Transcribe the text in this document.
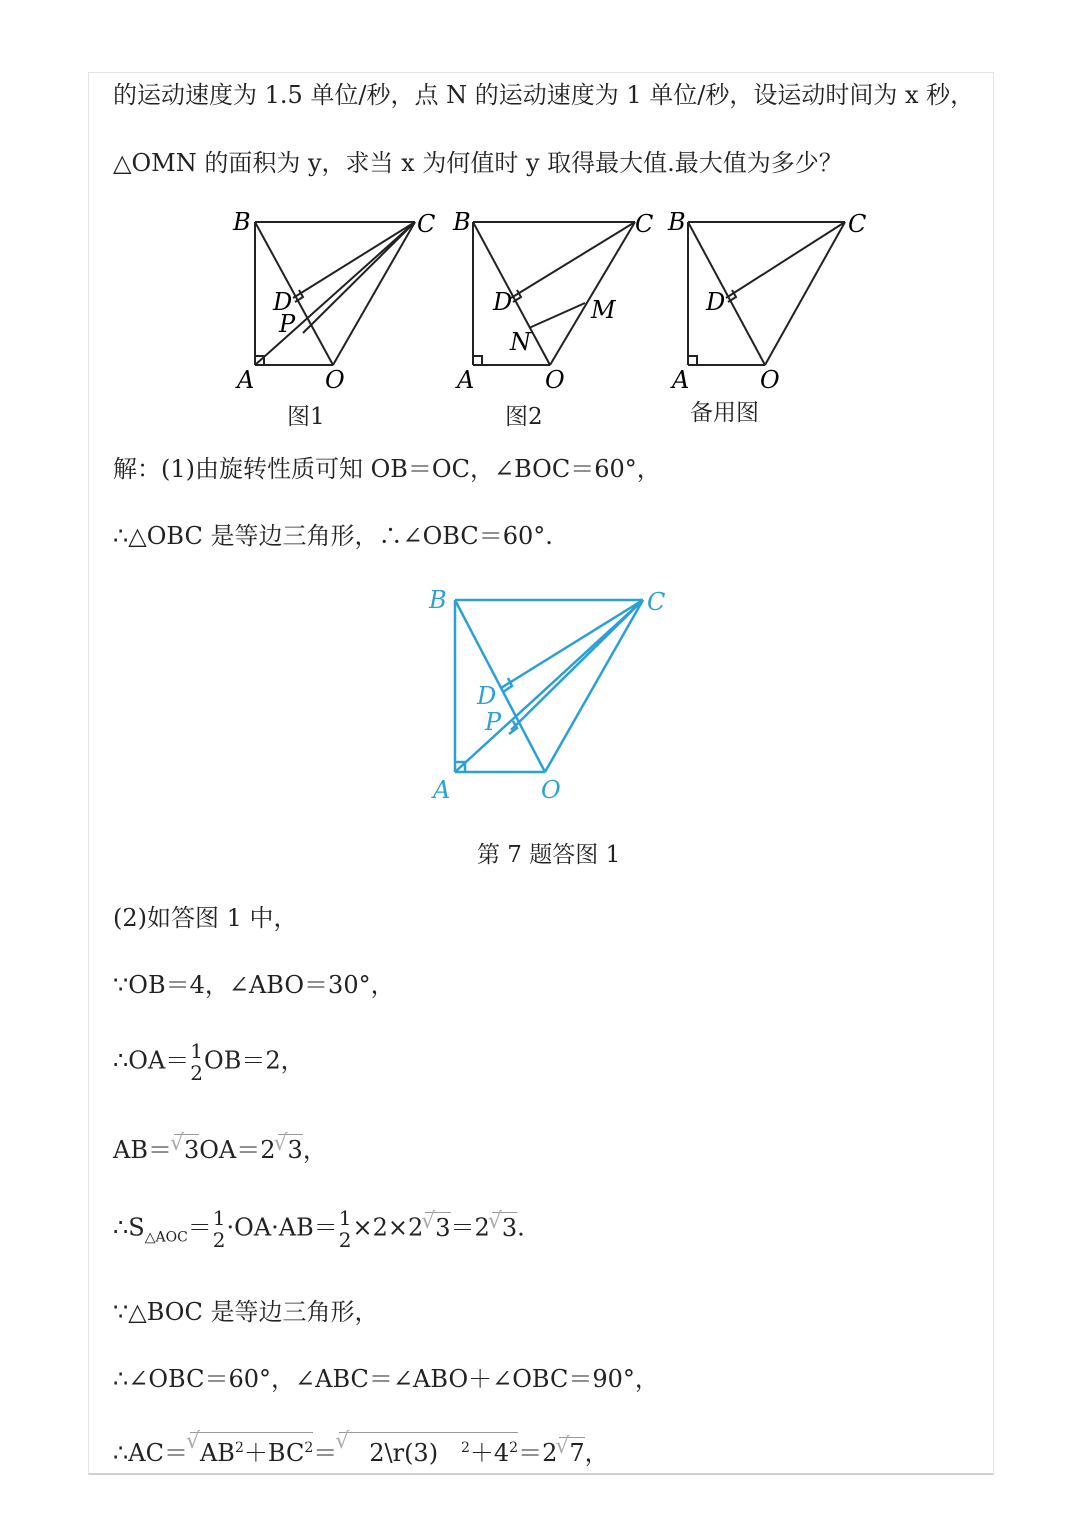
的运动速度为 1.5 单位/秒，点 N 的运动速度为 1 单位/秒，设运动时间为 x 秒，
△OMN 的面积为 y，求当 x 为何值时 y 取得最大值.最大值为多少？
B	C
A	O
D
P
图1
B	C
A	O
D	M
N
图2
B	C
A	O
D
备用图
解：(1)由旋转性质可知 OB＝OC，∠BOC＝60°，
∴△OBC 是等边三角形，∴∠OBC＝60°.
B	C
A	O
D
P
第 7 题答图 1
(2)如答图 1 中，
∵OB＝4，∠ABO＝30°，
∴OA＝ 1
2 OB＝2，
AB＝√ 3OA＝2√ 3，
$\therefore S_{\triangle AOC}= 1$
2 ·OA·AB＝ 1
2 ×2×2√ 3＝2√ 3.
∵△BOC 是等边三角形，
∴∠OBC＝60°，∠ABC＝∠ABO＋∠OBC＝90°，
∴AC＝√ $AB^2+BC^2=√$ 2\r(3) $^2+4^2=2√$ 7，
